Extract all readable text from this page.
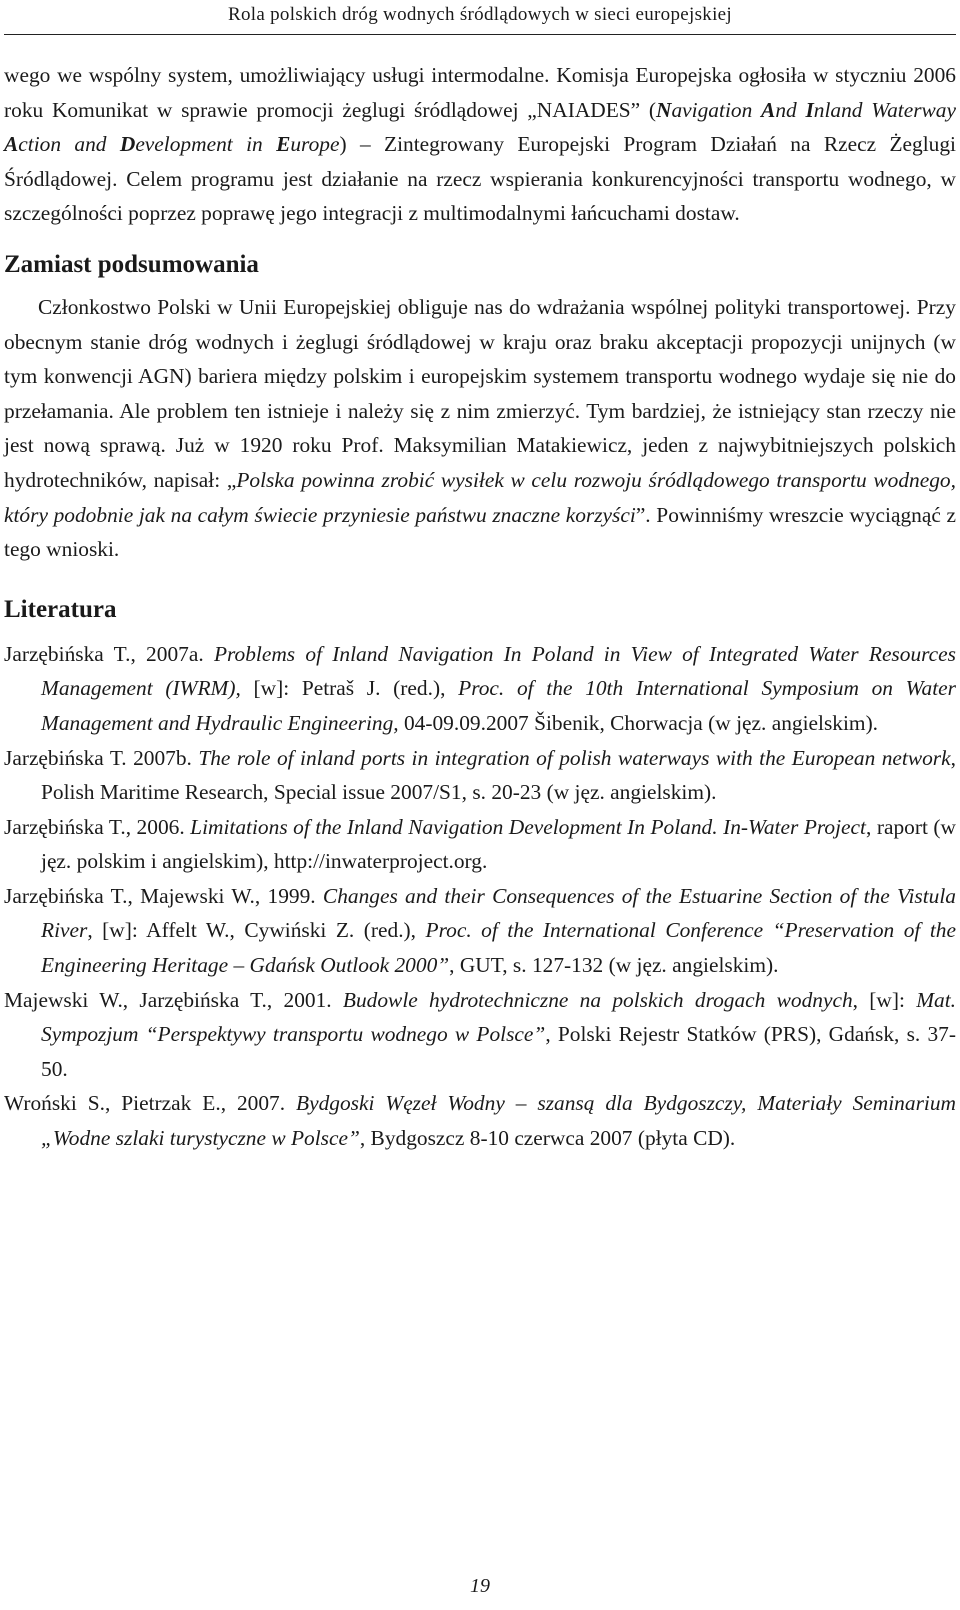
Rola polskich dróg wodnych śródlądowych w sieci europejskiej

wego we wspólny system, umożliwiający usługi intermodalne. Komisja Europejska ogłosiła w styczniu 2006 roku Komunikat w sprawie promocji żeglugi śródlądowej „NAIADES” (Navigation And Inland Waterway Action and Development in Europe) – Zintegrowany Europejski Program Działań na Rzecz Żeglugi Śródlądowej. Celem programu jest działanie na rzecz wspierania konkurencyjności transportu wodnego, w szczególności poprzez poprawę jego integracji z multimodalnymi łańcuchami dostaw.

Zamiast podsumowania

Członkostwo Polski w Unii Europejskiej obliguje nas do wdrażania wspólnej polityki transportowej. Przy obecnym stanie dróg wodnych i żeglugi śródlądowej w kraju oraz braku akceptacji propozycji unijnych (w tym konwencji AGN) bariera między polskim i europejskim systemem transportu wodnego wydaje się nie do przełamania. Ale problem ten istnieje i należy się z nim zmierzyć. Tym bardziej, że istniejący stan rzeczy nie jest nową sprawą. Już w 1920 roku Prof. Maksymilian Matakiewicz, jeden z najwybitniejszych polskich hydrotechników, napisał: „Polska powinna zrobić wysiłek w celu rozwoju śródlądowego transportu wodnego, który podobnie jak na całym świecie przyniesie państwu znaczne korzyści”. Powinniśmy wreszcie wyciągnąć z tego wnioski.

Literatura

Jarzębińska T., 2007a. Problems of Inland Navigation In Poland in View of Integrated Water Resources Management (IWRM), [w]: Petraš J. (red.), Proc. of the 10th International Symposium on Water Management and Hydraulic Engineering, 04-09.09.2007 Šibenik, Chorwacja (w jęz. angielskim).

Jarzębińska T. 2007b. The role of inland ports in integration of polish waterways with the European network, Polish Maritime Research, Special issue 2007/S1, s. 20-23 (w jęz. angielskim).

Jarzębińska T., 2006. Limitations of the Inland Navigation Development In Poland. In-Water Project, raport (w jęz. polskim i angielskim), http://inwaterproject.org.

Jarzębińska T., Majewski W., 1999. Changes and their Consequences of the Estuarine Section of the Vistula River, [w]: Affelt W., Cywiński Z. (red.), Proc. of the International Conference “Preservation of the Engineering Heritage – Gdańsk Outlook 2000”, GUT, s. 127-132 (w jęz. angielskim).

Majewski W., Jarzębińska T., 2001. Budowle hydrotechniczne na polskich drogach wodnych, [w]: Mat. Sympozjum “Perspektywy transportu wodnego w Polsce”, Polski Rejestr Statków (PRS), Gdańsk, s. 37-50.

Wroński S., Pietrzak E., 2007. Bydgoski Węzeł Wodny – szansą dla Bydgoszczy, Materiały Seminarium „Wodne szlaki turystyczne w Polsce”, Bydgoszcz 8-10 czerwca 2007 (płyta CD).

19
